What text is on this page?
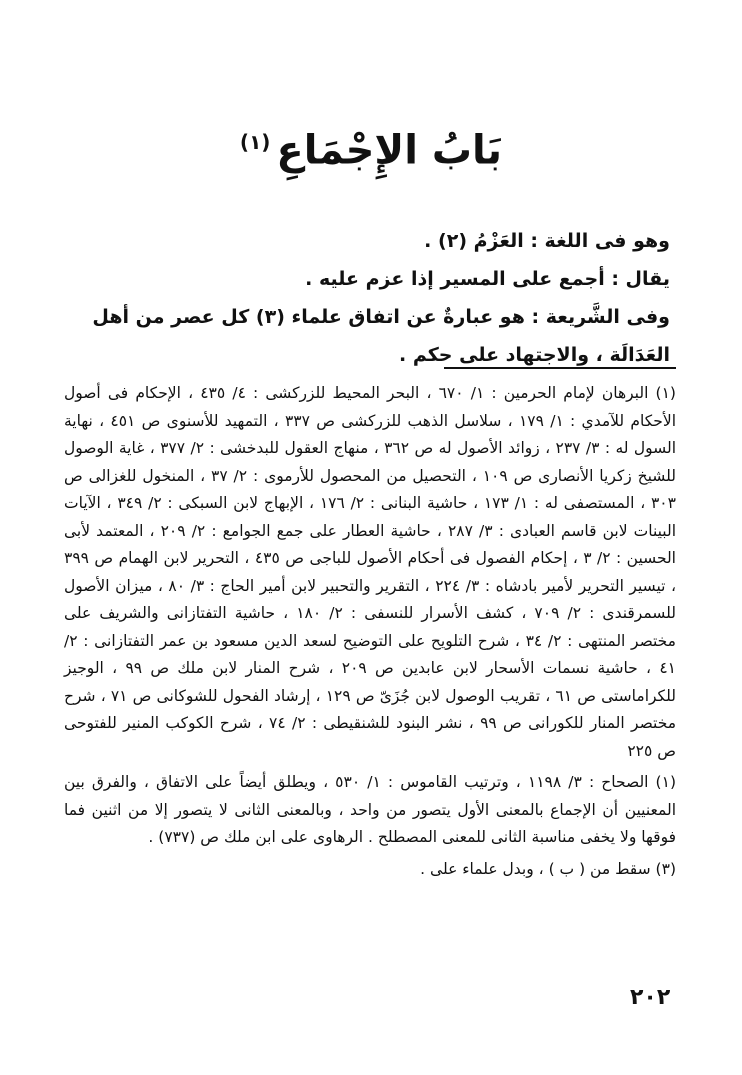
بَابُ الإِجْمَاعِ$^{(١)}$

وهو فى اللغة : العَزْمُ (٢) .

يقال : أجمع على المسير إذا عزم عليه .

وفى الشَّريعة : هو عبارةٌ عن اتفاق علماء (٣) كل عصر من أهل العَدَالَة ، والاجتهاد على حكم .

(١) البرهان لإمام الحرمين : ١/ ٦٧٠ ، البحر المحيط للزركشى : ٤/ ٤٣٥ ، الإحكام فى أصول الأحكام للآمدي : ١/ ١٧٩ ، سلاسل الذهب للزركشى ص ٣٣٧ ، التمهيد للأسنوى ص ٤٥١ ، نهاية السول له : ٣/ ٢٣٧ ، زوائد الأصول له ص ٣٦٢ ، منهاج العقول للبدخشى : ٢/ ٣٧٧ ، غاية الوصول للشيخ زكريا الأنصارى ص ١٠٩ ، التحصيل من المحصول للأرموى : ٢/ ٣٧ ، المنخول للغزالى ص ٣٠٣ ، المستصفى له : ١/ ١٧٣ ، حاشية البنانى : ٢/ ١٧٦ ، الإبهاج لابن السبكى : ٢/ ٣٤٩ ، الآيات البينات لابن قاسم العبادى : ٣/ ٢٨٧ ، حاشية العطار على جمع الجوامع : ٢/ ٢٠٩ ، المعتمد لأبى الحسين : ٢/ ٣ ، إحكام الفصول فى أحكام الأصول للباجى ص ٤٣٥ ، التحرير لابن الهمام ص ٣٩٩ ، تيسير التحرير لأمير بادشاه : ٣/ ٢٢٤ ، التقرير والتحبير لابن أمير الحاج : ٣/ ٨٠ ، ميزان الأصول للسمرقندى : ٢/ ٧٠٩ ، كشف الأسرار للنسفى : ٢/ ١٨٠ ، حاشية التفتازانى والشريف على مختصر المنتهى : ٢/ ٣٤ ، شرح التلويح على التوضيح لسعد الدين مسعود بن عمر التفتازانى : ٢/ ٤١ ، حاشية نسمات الأسحار لابن عابدين ص ٢٠٩ ، شرح المنار لابن ملك ص ٩٩ ، الوجيز للكراماستى ص ٦١ ، تقريب الوصول لابن جُزَىّ ص ١٢٩ ، إرشاد الفحول للشوكانى ص ٧١ ، شرح مختصر المنار للكورانى ص ٩٩ ، نشر البنود للشنقيطى : ٢/ ٧٤ ، شرح الكوكب المنير للفتوحى ص ٢٢٥

(١) الصحاح : ٣/ ١١٩٨ ، وترتيب القاموس : ١/ ٥٣٠ ، ويطلق أيضاً على الاتفاق ، والفرق بين المعنيين أن الإجماع بالمعنى الأول يتصور من واحد ، وبالمعنى الثانى لا يتصور إلا من اثنين فما فوقها ولا يخفى مناسبة الثانى للمعنى المصطلح . الرهاوى على ابن ملك ص (٧٣٧) .

(٣) سقط من ( ب ) ، وبدل علماء على .

٢٠٢
